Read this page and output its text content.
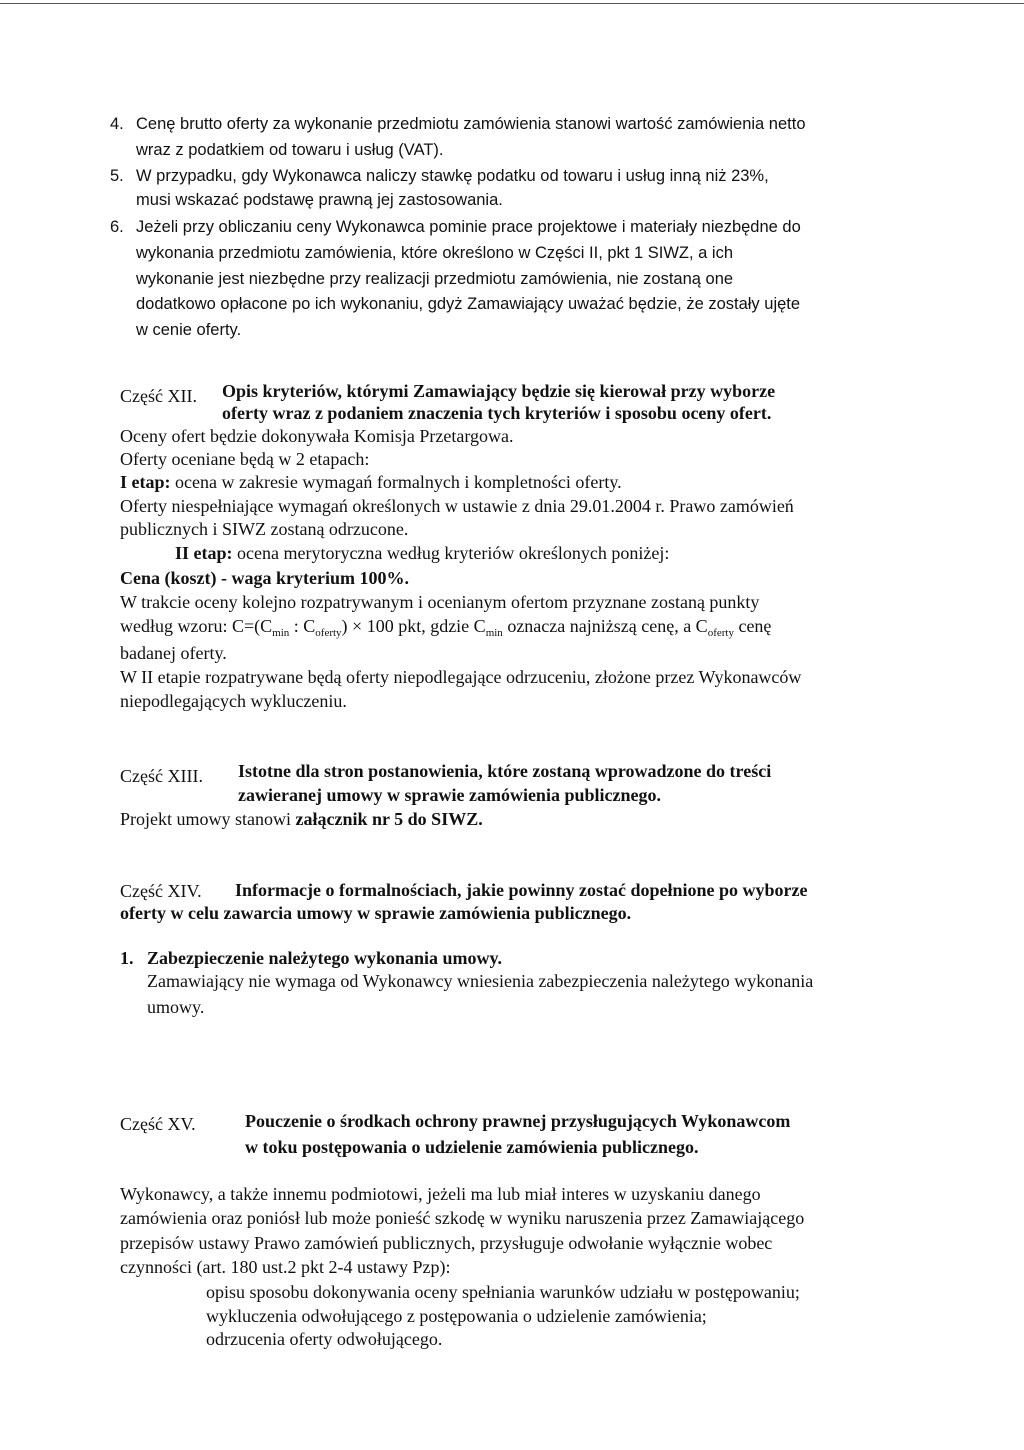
4. Cenę brutto oferty za wykonanie przedmiotu zamówienia stanowi wartość zamówienia netto
wraz z podatkiem od towaru i usług (VAT).
5. W przypadku, gdy Wykonawca naliczy stawkę podatku od towaru i usług inną niż 23%,
musi wskazać podstawę prawną jej zastosowania.
6. Jeżeli przy obliczaniu ceny Wykonawca pominie prace projektowe i materiały niezbędne do
wykonania przedmiotu zamówienia, które określono w Części II, pkt 1 SIWZ, a ich
wykonanie jest niezbędne przy realizacji przedmiotu zamówienia, nie zostaną one
dodatkowo opłacone po ich wykonaniu, gdyż Zamawiający uważać będzie, że zostały ujęte
w cenie oferty.
Część XII. Opis kryteriów, którymi Zamawiający będzie się kierował przy wyborze
oferty wraz z podaniem znaczenia tych kryteriów i sposobu oceny ofert.
Oceny ofert będzie dokonywała Komisja Przetargowa.
Oferty oceniane będą w 2 etapach:
I etap: ocena w zakresie wymagań formalnych i kompletności oferty.
Oferty niespełniające wymagań określonych w ustawie z dnia 29.01.2004 r. Prawo zamówień
publicznych i SIWZ zostaną odrzucone.
II etap: ocena merytoryczna według kryteriów określonych poniżej:
Cena (koszt) - waga kryterium 100%.
W trakcie oceny kolejno rozpatrywanym i ocenianym ofertom przyznane zostaną punkty
według wzoru: $C=(C_{min}$ : $C_{oferty}) \times 100$ pkt, gdzie $C_{min}$ oznacza najniższą cenę, a $C_{oferty}$ cenę
badanej oferty.
W II etapie rozpatrywane będą oferty niepodlegające odrzuceniu, złożone przez Wykonawców
niepodlegających wykluczeniu.
Część XIII. Istotne dla stron postanowienia, które zostaną wprowadzone do treści
zawieranej umowy w sprawie zamówienia publicznego.
Projekt umowy stanowi załącznik nr 5 do SIWZ.
Część XIV. Informacje o formalnościach, jakie powinny zostać dopełnione po wyborze
oferty w celu zawarcia umowy w sprawie zamówienia publicznego.
1. Zabezpieczenie należytego wykonania umowy.
Zamawiający nie wymaga od Wykonawcy wniesienia zabezpieczenia należytego wykonania
umowy.
Część XV.	Pouczenie o środkach ochrony prawnej przysługujących Wykonawcom
w toku postępowania o udzielenie zamówienia publicznego.
Wykonawcy, a także innemu podmiotowi, jeżeli ma lub miał interes w uzyskaniu danego
zamówienia oraz poniósł lub może ponieść szkodę w wyniku naruszenia przez Zamawiającego
przepisów ustawy Prawo zamówień publicznych, przysługuje odwołanie wyłącznie wobec
czynności (art. 180 ust.2 pkt 2-4 ustawy Pzp):
opisu sposobu dokonywania oceny spełniania warunków udziału w postępowaniu;
wykluczenia odwołującego z postępowania o udzielenie zamówienia;
odrzucenia oferty odwołującego.
